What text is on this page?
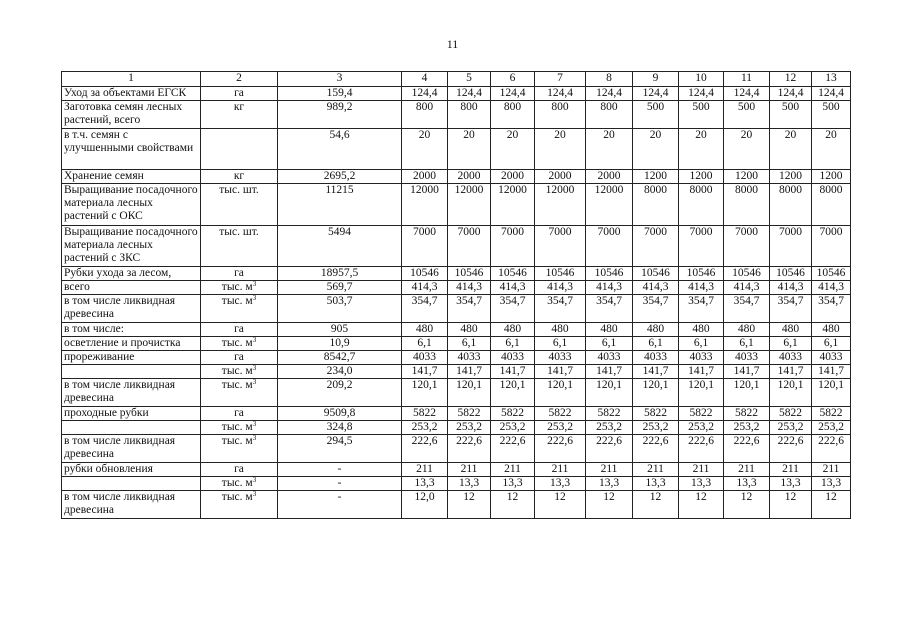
11
1	2	3	4	5	6	7	8	9	10	11	12	13
Уход за объектами ЕГСК	га	159,4	124,4	124,4	124,4	124,4	124,4	124,4	124,4	124,4	124,4	124,4
Заготовка семян лесных растений, всего	кг	989,2	800	800	800	800	800	500	500	500	500	500
в т.ч. семян с улучшенными свойствами		54,6	20	20	20	20	20	20	20	20	20	20
Хранение семян	кг	2695,2	2000	2000	2000	2000	2000	1200	1200	1200	1200	1200
Выращивание посадочного материала лесных растений с ОКС	тыс. шт.	11215	12000	12000	12000	12000	12000	8000	8000	8000	8000	8000
Выращивание посадочного материала лесных растений с ЗКС	тыс. шт.	5494	7000	7000	7000	7000	7000	7000	7000	7000	7000	7000
Рубки ухода за лесом,	га	18957,5	10546	10546	10546	10546	10546	10546	10546	10546	10546	10546
всего	тыс. $м^3$	569,7	414,3	414,3	414,3	414,3	414,3	414,3	414,3	414,3	414,3	414,3
в том числе ликвидная древесина	тыс. $м^3$	503,7	354,7	354,7	354,7	354,7	354,7	354,7	354,7	354,7	354,7	354,7
в том числе:	га	905	480	480	480	480	480	480	480	480	480	480
осветление и прочистка	тыс. $м^3$	10,9	6,1	6,1	6,1	6,1	6,1	6,1	6,1	6,1	6,1	6,1
прореживание	га	8542,7	4033	4033	4033	4033	4033	4033	4033	4033	4033	4033
	тыс. $м^3$	234,0	141,7	141,7	141,7	141,7	141,7	141,7	141,7	141,7	141,7	141,7
в том числе ликвидная древесина	тыс. $м^3$	209,2	120,1	120,1	120,1	120,1	120,1	120,1	120,1	120,1	120,1	120,1
проходные рубки	га	9509,8	5822	5822	5822	5822	5822	5822	5822	5822	5822	5822
	тыс. $м^3$	324,8	253,2	253,2	253,2	253,2	253,2	253,2	253,2	253,2	253,2	253,2
в том числе ликвидная древесина	тыс. $м^3$	294,5	222,6	222,6	222,6	222,6	222,6	222,6	222,6	222,6	222,6	222,6
рубки обновления	га	-	211	211	211	211	211	211	211	211	211	211
	тыс. $м^3$	-	13,3	13,3	13,3	13,3	13,3	13,3	13,3	13,3	13,3	13,3
в том числе ликвидная древесина	тыс. $м^3$	-	12,0	12	12	12	12	12	12	12	12	12
